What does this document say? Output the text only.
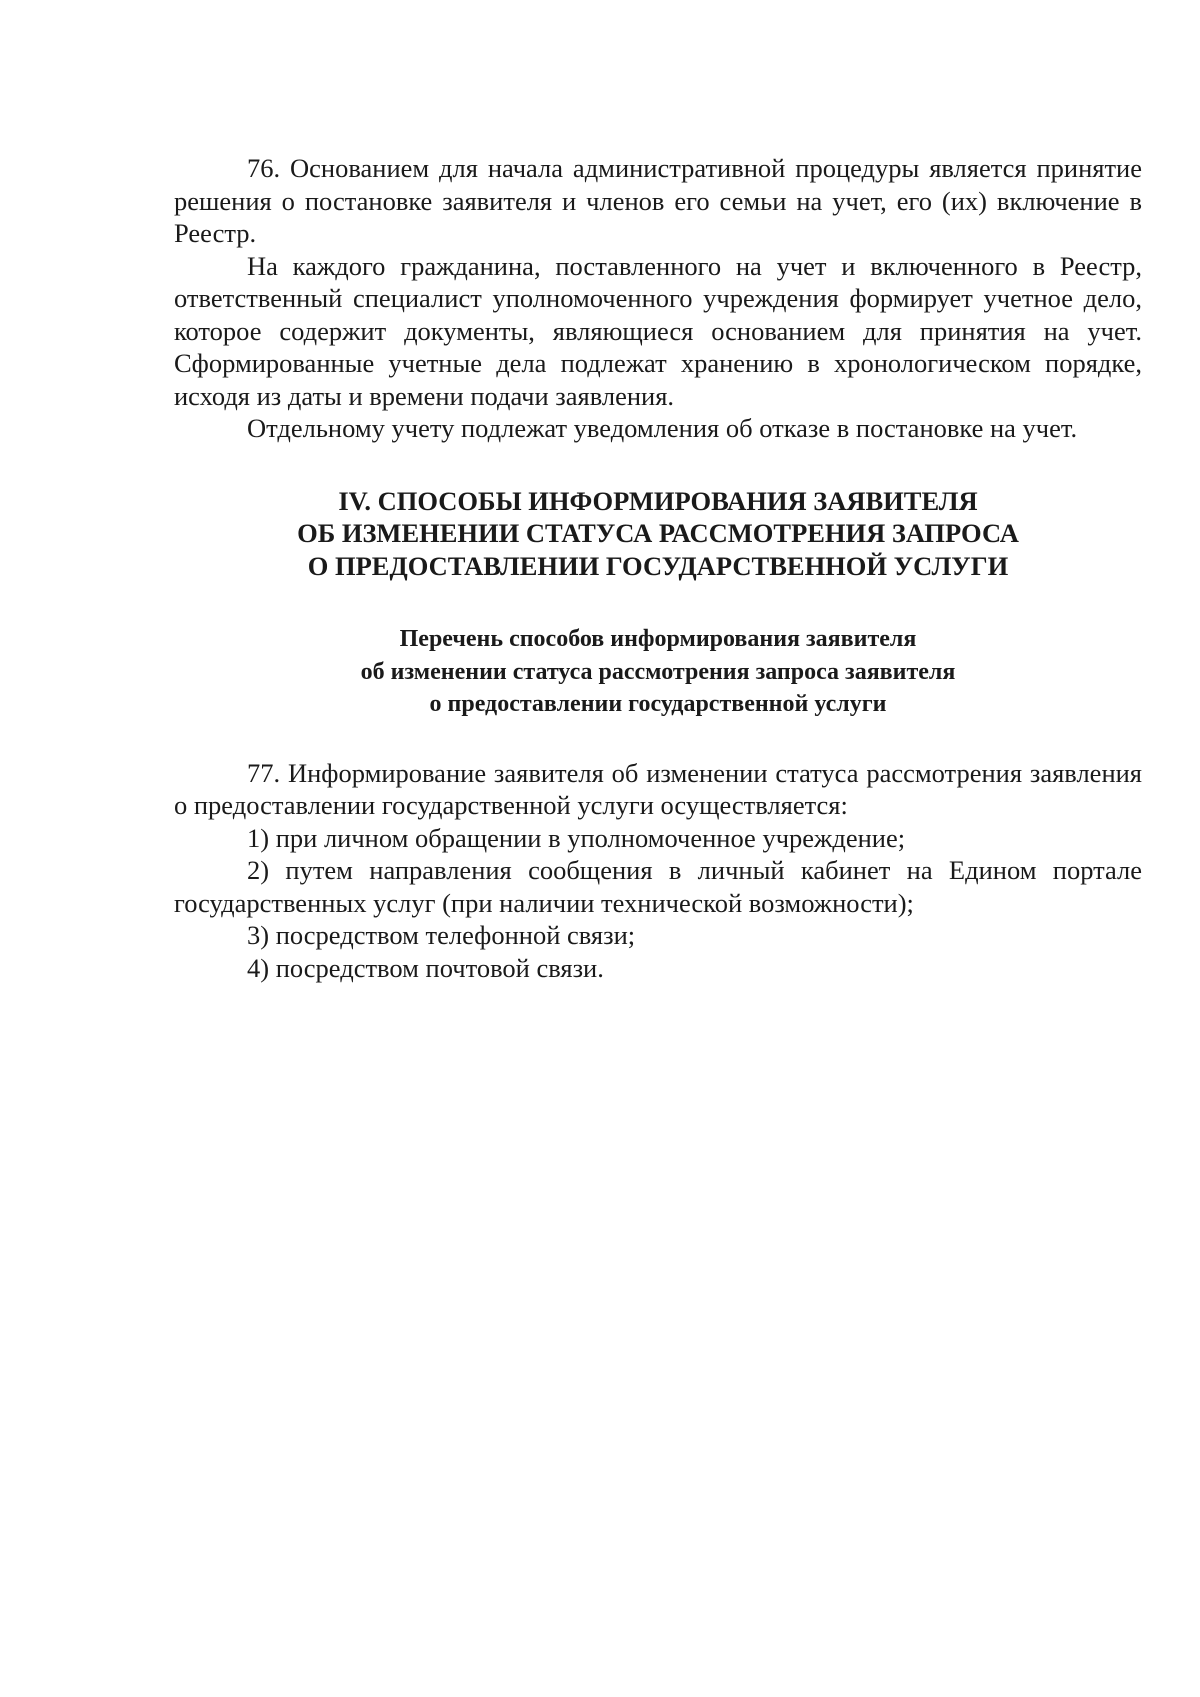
76. Основанием для начала административной процедуры является принятие решения о постановке заявителя и членов его семьи на учет, его (их) включение в Реестр.

На каждого гражданина, поставленного на учет и включенного в Реестр, ответственный специалист уполномоченного учреждения формирует учетное дело, которое содержит документы, являющиеся основанием для принятия на учет. Сформированные учетные дела подлежат хранению в хронологическом порядке, исходя из даты и времени подачи заявления.

Отдельному учету подлежат уведомления об отказе в постановке на учет.

IV. СПОСОБЫ ИНФОРМИРОВАНИЯ ЗАЯВИТЕЛЯ
ОБ ИЗМЕНЕНИИ СТАТУСА РАССМОТРЕНИЯ ЗАПРОСА
О ПРЕДОСТАВЛЕНИИ ГОСУДАРСТВЕННОЙ УСЛУГИ
Перечень способов информирования заявителя
об изменении статуса рассмотрения запроса заявителя
о предоставлении государственной услуги

77. Информирование заявителя об изменении статуса рассмотрения заявления о предоставлении государственной услуги осуществляется:

1) при личном обращении в уполномоченное учреждение;

2) путем направления сообщения в личный кабинет на Едином портале государственных услуг (при наличии технической возможности);

3) посредством телефонной связи;

4) посредством почтовой связи.
